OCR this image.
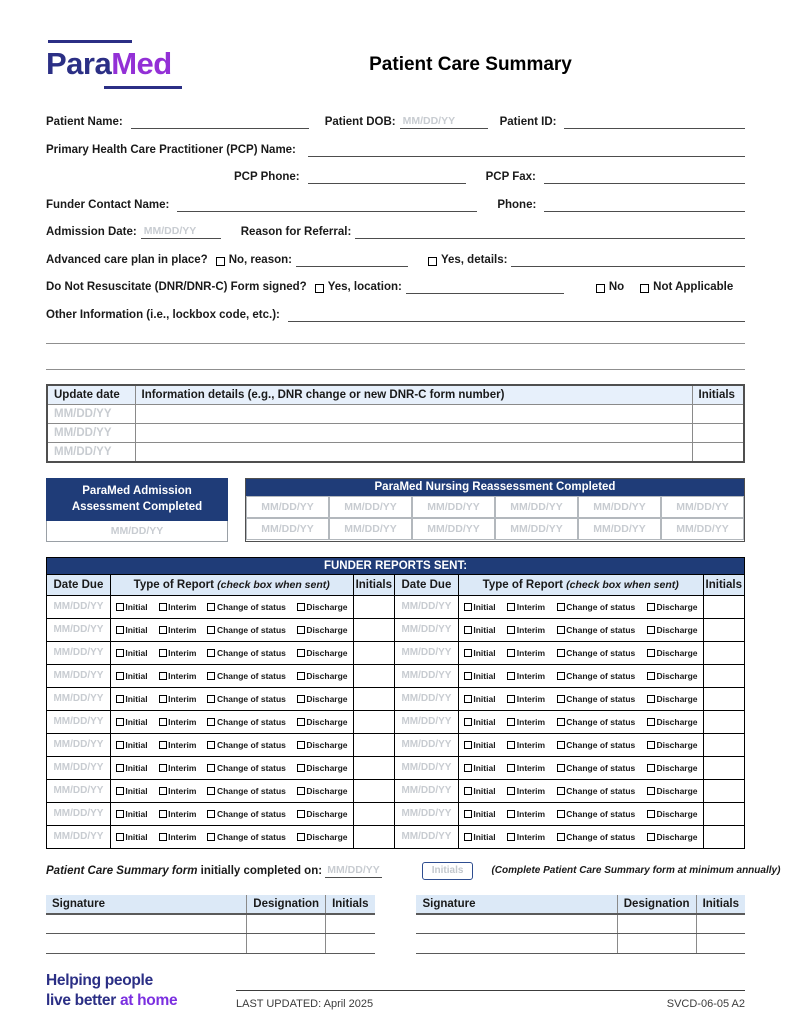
ParaMed	Patient Care Summary
Patient Name:	Patient DOB: MM/DD/YY	Patient ID:
Primary Health Care Practitioner (PCP) Name:
PCP Phone:	PCP Fax:
Funder Contact Name:	Phone:
Admission Date: MM/DD/YY	Reason for Referral:
Advanced care plan in place? No, reason:	Yes, details:
Do Not Resuscitate (DNR/DNR-C) Form signed? Yes, location:	No	Not Applicable
Other Information (i.e., lockbox code, etc.):
Update date	Information details (e.g., DNR change or new DNR-C form number)	Initials
MM/DD/YY		
MM/DD/YY		
MM/DD/YY		
ParaMed Admission
Assessment Completed
MM/DD/YY
ParaMed Nursing Reassessment Completed
MM/DD/YY	MM/DD/YY	MM/DD/YY	MM/DD/YY	MM/DD/YY	MM/DD/YY
MM/DD/YY	MM/DD/YY	MM/DD/YY	MM/DD/YY	MM/DD/YY	MM/DD/YY
FUNDER REPORTS SENT:					
Date Due	Type of Report (check box when sent)	Initials	Date Due	Type of Report (check box when sent)	Initials
MM/DD/YY	Initial Interim Change of status Discharge		MM/DD/YY	Initial Interim Change of status Discharge	

MM/DD/YY	Initial Interim Change of status Discharge		MM/DD/YY	Initial Interim Change of status Discharge	

MM/DD/YY	Initial Interim Change of status Discharge		MM/DD/YY	Initial Interim Change of status Discharge	

MM/DD/YY	Initial Interim Change of status Discharge		MM/DD/YY	Initial Interim Change of status Discharge	

MM/DD/YY	Initial Interim Change of status Discharge		MM/DD/YY	Initial Interim Change of status Discharge	

MM/DD/YY	Initial Interim Change of status Discharge		MM/DD/YY	Initial Interim Change of status Discharge	

MM/DD/YY	Initial Interim Change of status Discharge		MM/DD/YY	Initial Interim Change of status Discharge	

MM/DD/YY	Initial Interim Change of status Discharge		MM/DD/YY	Initial Interim Change of status Discharge	

MM/DD/YY	Initial Interim Change of status Discharge		MM/DD/YY	Initial Interim Change of status Discharge	

MM/DD/YY	Initial Interim Change of status Discharge		MM/DD/YY	Initial Interim Change of status Discharge	

MM/DD/YY	Initial Interim Change of status Discharge		MM/DD/YY	Initial Interim Change of status Discharge	

Patient Care Summary form initially completed on: MM/DD/YY	Initials	(Complete Patient Care Summary form at minimum annually)
Signature	Designation	Initials

			Signature	Designation	Initials

Helping people
live better at home	LAST UPDATED: April 2025	SVCD-06-05 A2
